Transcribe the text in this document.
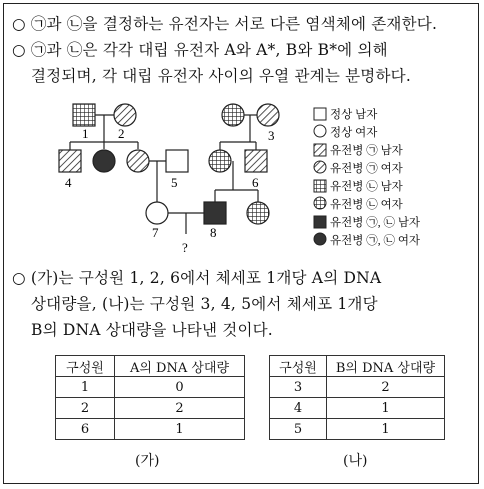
○ ㉠과 ㉡을 결정하는 유전자는 서로 다른 염색체에 존재한다.
○ ㉠과 ㉡은 각각 대립 유전자 A와 A*, B와 B*에 의해
결정되며, 각 대립 유전자 사이의 우열 관계는 분명하다.
1 2
4	5
3
6
7	8
?
정상 남자
정상 여자
유전병 ㉠ 남자
유전병 ㉠ 여자
유전병 ㉡ 남자
유전병 ㉡ 여자
유전병 ㉠, ㉡ 남자
유전병 ㉠, ㉡ 여자
○ (가)는 구성원 1, 2, 6에서 체세포 1개당 A의 DNA
상대량을, (나)는 구성원 3, 4, 5에서 체세포 1개당
B의 DNA 상대량을 나타낸 것이다.
구성원	A의 DNA 상대량
1	0
2	2
6	1
(가)
구성원	B의 DNA 상대량
3	2
4	1
5	1
(나)
